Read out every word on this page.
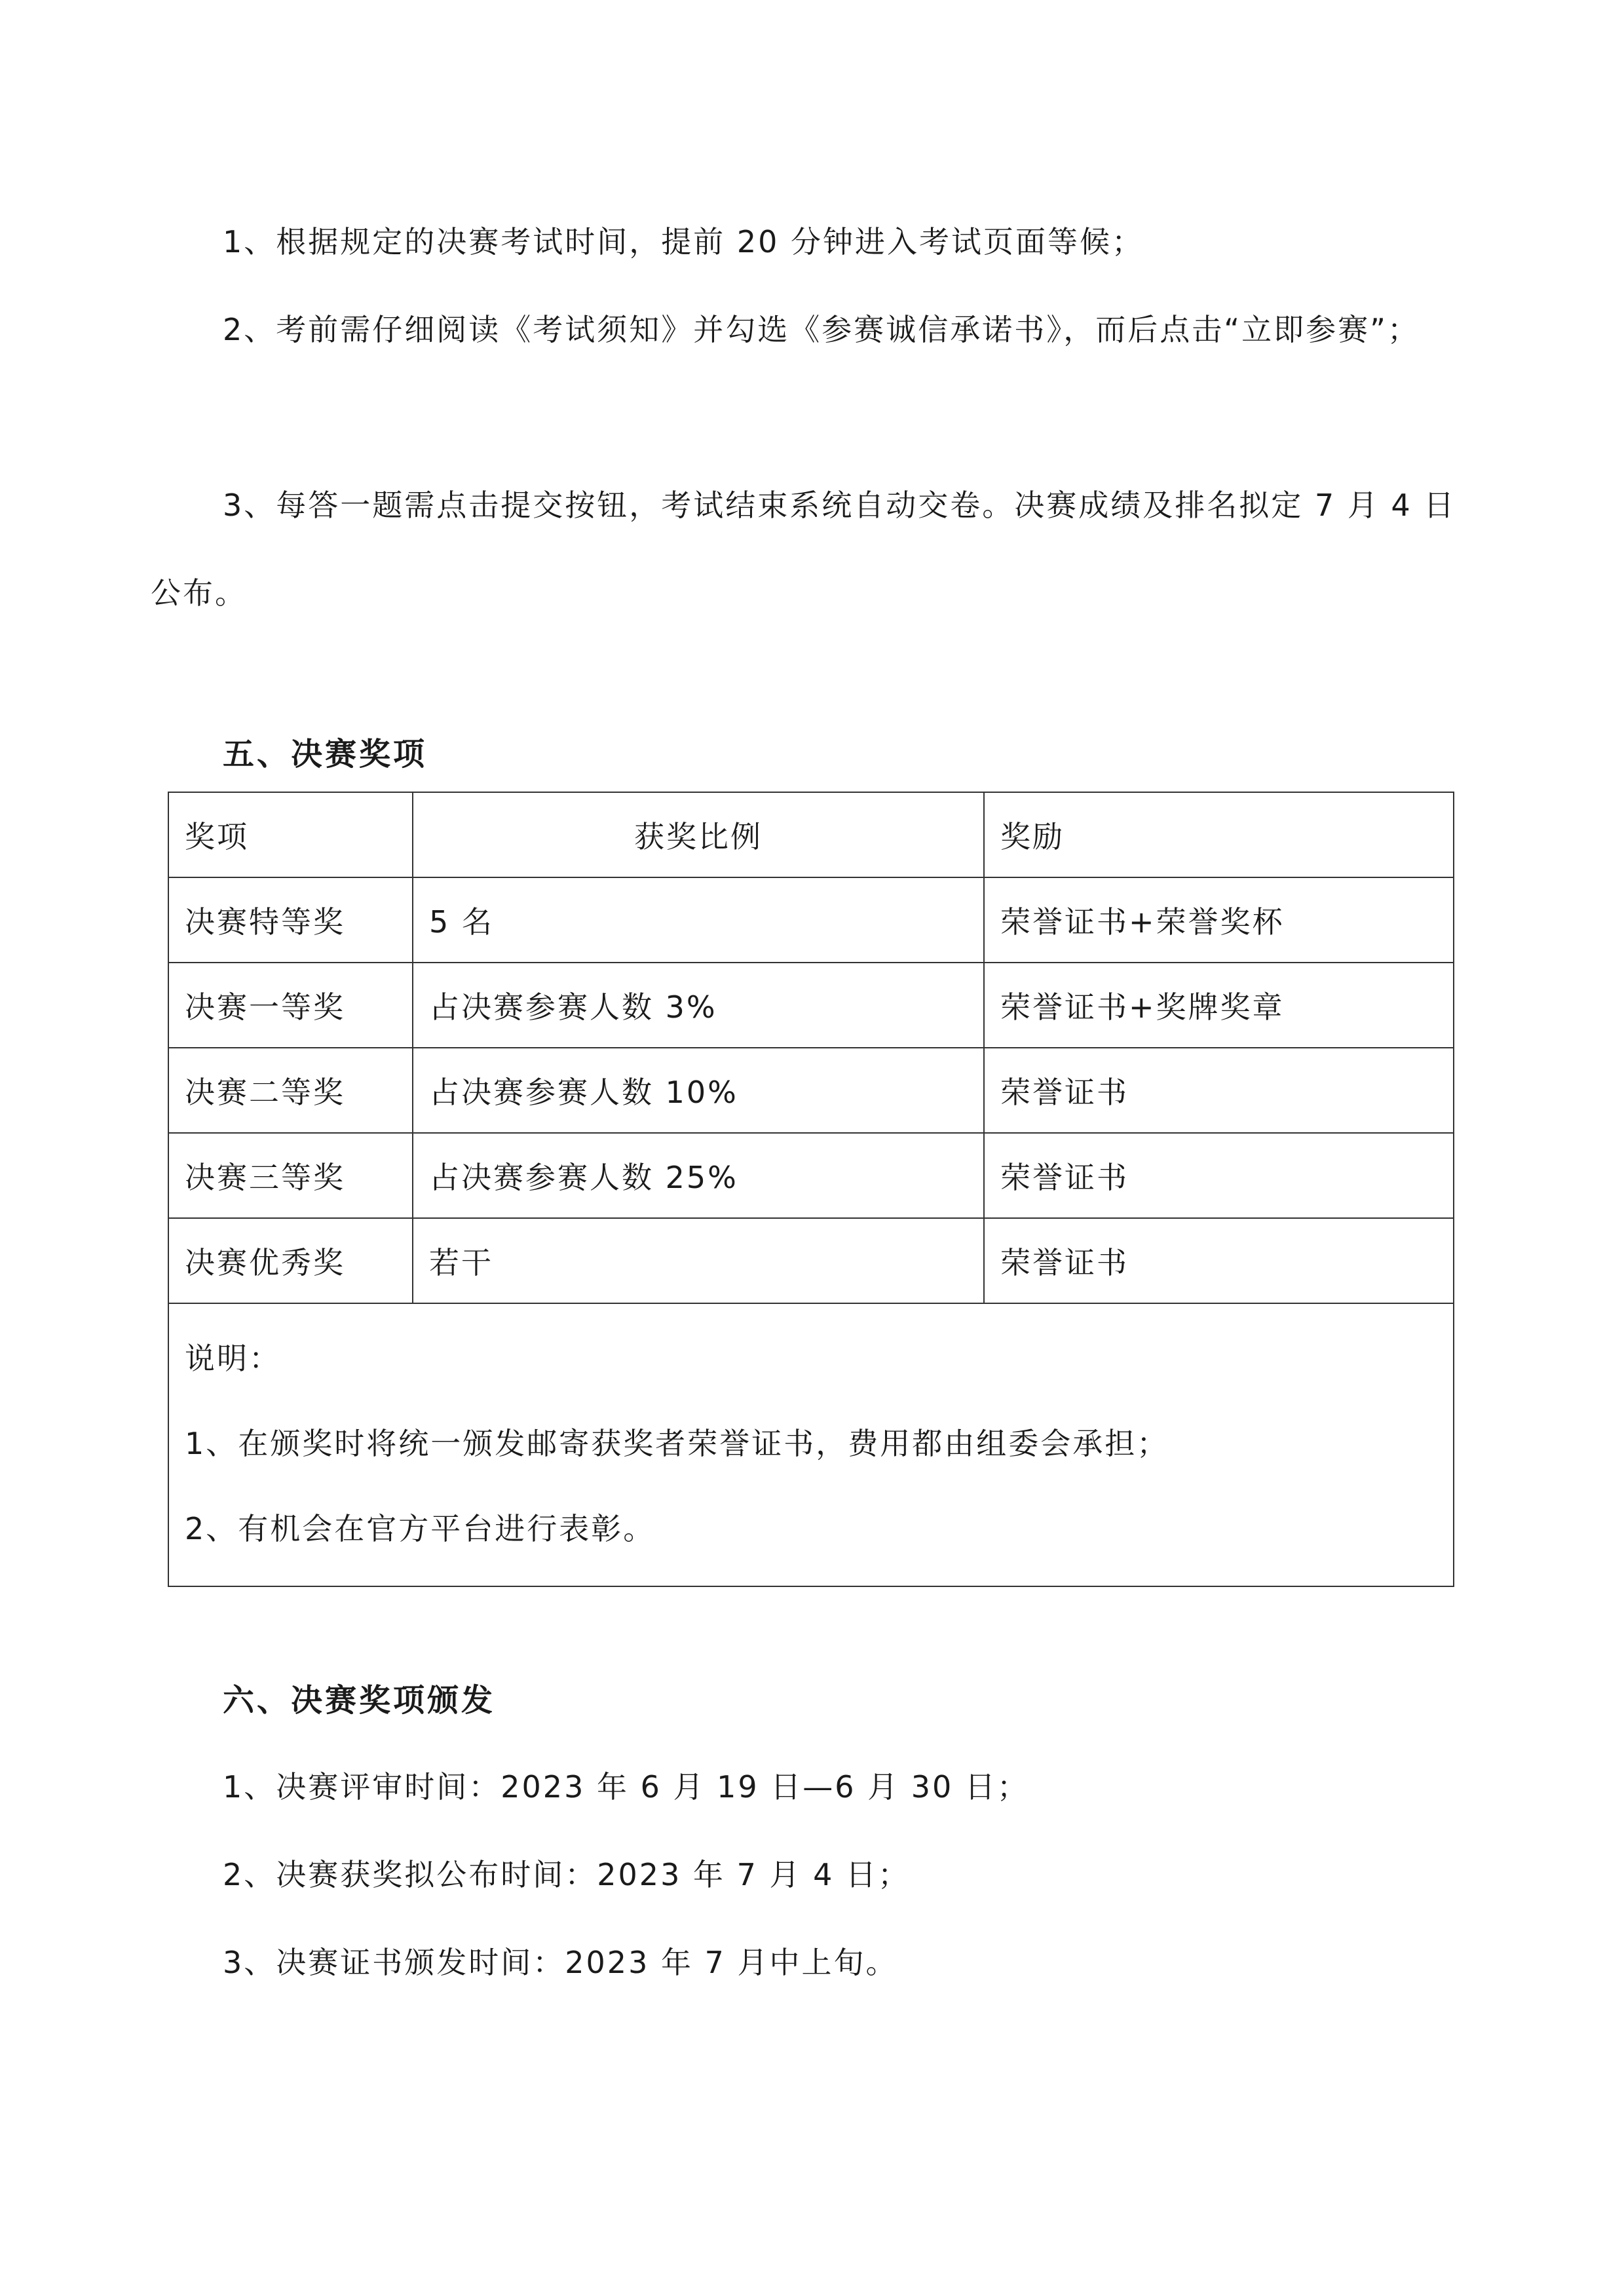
1、根据规定的决赛考试时间，提前 20 分钟进入考试页面等候；

2、考前需仔细阅读《考试须知》并勾选《参赛诚信承诺书》，而后点击“立即参赛”；

3、每答一题需点击提交按钮，考试结束系统自动交卷。决赛成绩及排名拟定 7 月 4 日公布。

五、决赛奖项
奖项	获奖比例	奖励
决赛特等奖	5 名	荣誉证书+荣誉奖杯
决赛一等奖	占决赛参赛人数 3%	荣誉证书+奖牌奖章
决赛二等奖	占决赛参赛人数 10%	荣誉证书
决赛三等奖	占决赛参赛人数 25%	荣誉证书
决赛优秀奖	若干	荣誉证书

说明：

1、在颁奖时将统一颁发邮寄获奖者荣誉证书，费用都由组委会承担；

2、有机会在官方平台进行表彰。		

六、决赛奖项颁发

1、决赛评审时间：2023 年 6 月 19 日—6 月 30 日；

2、决赛获奖拟公布时间：2023 年 7 月 4 日；

3、决赛证书颁发时间：2023 年 7 月中上旬。
